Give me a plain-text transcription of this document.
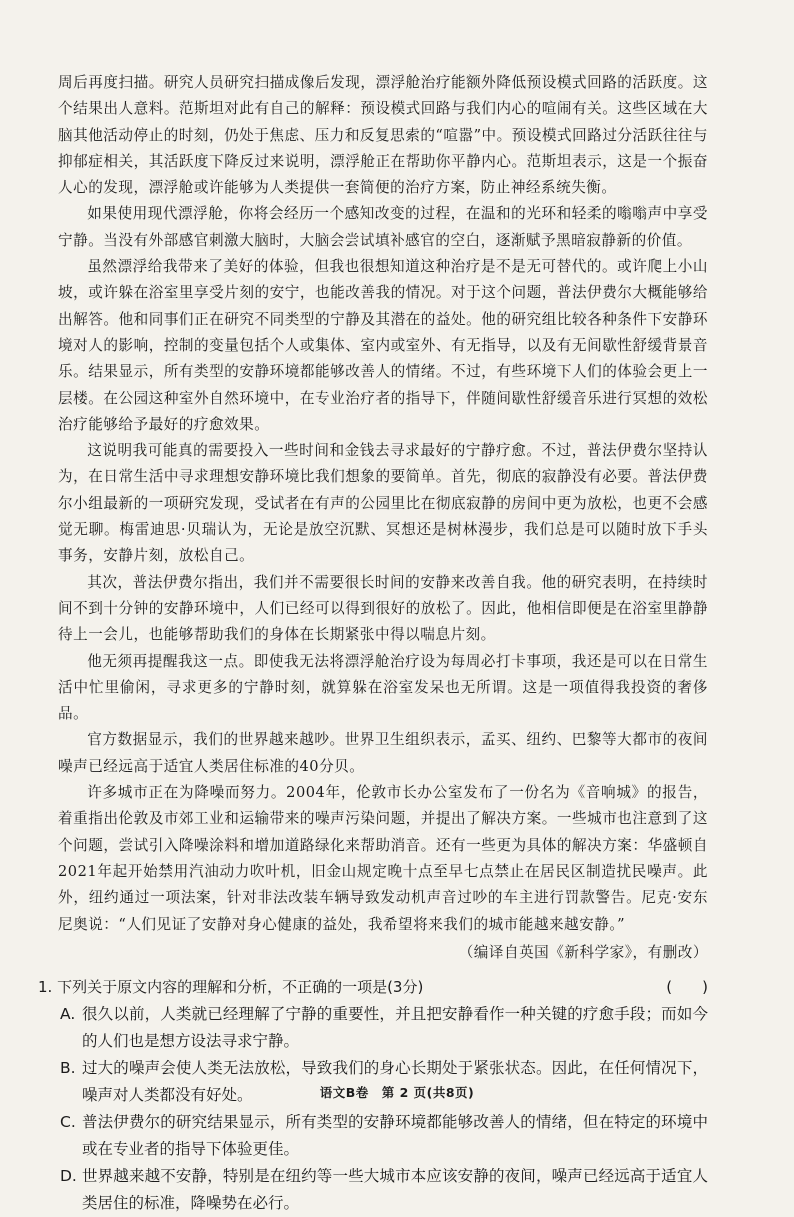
周后再度扫描。研究人员研究扫描成像后发现，漂浮舱治疗能额外降低预设模式回路的活跃度。这个结果出人意料。范斯坦对此有自己的解释：预设模式回路与我们内心的喧闹有关。这些区域在大脑其他活动停止的时刻，仍处于焦虑、压力和反复思索的“喧嚣”中。预设模式回路过分活跃往往与抑郁症相关，其活跃度下降反过来说明，漂浮舱正在帮助你平静内心。范斯坦表示，这是一个振奋人心的发现，漂浮舱或许能够为人类提供一套简便的治疗方案，防止神经系统失衡。

如果使用现代漂浮舱，你将会经历一个感知改变的过程，在温和的光环和轻柔的嗡嗡声中享受宁静。当没有外部感官刺激大脑时，大脑会尝试填补感官的空白，逐渐赋予黑暗寂静新的价值。

虽然漂浮给我带来了美好的体验，但我也很想知道这种治疗是不是无可替代的。或许爬上小山坡，或许躲在浴室里享受片刻的安宁，也能改善我的情况。对于这个问题，普法伊费尔大概能够给出解答。他和同事们正在研究不同类型的宁静及其潜在的益处。他的研究组比较各种条件下安静环境对人的影响，控制的变量包括个人或集体、室内或室外、有无指导，以及有无间歇性舒缓背景音乐。结果显示，所有类型的安静环境都能够改善人的情绪。不过，有些环境下人们的体验会更上一层楼。在公园这种室外自然环境中，在专业治疗者的指导下，伴随间歇性舒缓音乐进行冥想的效松治疗能够给予最好的疗愈效果。

这说明我可能真的需要投入一些时间和金钱去寻求最好的宁静疗愈。不过，普法伊费尔坚持认为，在日常生活中寻求理想安静环境比我们想象的要简单。首先，彻底的寂静没有必要。普法伊费尔小组最新的一项研究发现，受试者在有声的公园里比在彻底寂静的房间中更为放松，也更不会感觉无聊。梅雷迪思·贝瑞认为，无论是放空沉默、冥想还是树林漫步，我们总是可以随时放下手头事务，安静片刻，放松自己。

其次，普法伊费尔指出，我们并不需要很长时间的安静来改善自我。他的研究表明，在持续时间不到十分钟的安静环境中，人们已经可以得到很好的放松了。因此，他相信即便是在浴室里静静待上一会儿，也能够帮助我们的身体在长期紧张中得以喘息片刻。

他无须再提醒我这一点。即使我无法将漂浮舱治疗设为每周必打卡事项，我还是可以在日常生活中忙里偷闲，寻求更多的宁静时刻，就算躲在浴室发呆也无所谓。这是一项值得我投资的奢侈品。

官方数据显示，我们的世界越来越吵。世界卫生组织表示，孟买、纽约、巴黎等大都市的夜间噪声已经远高于适宜人类居住标准的40分贝。

许多城市正在为降噪而努力。2004年，伦敦市长办公室发布了一份名为《音响城》的报告，着重指出伦敦及市郊工业和运输带来的噪声污染问题，并提出了解决方案。一些城市也注意到了这个问题，尝试引入降噪涂料和增加道路绿化来帮助消音。还有一些更为具体的解决方案：华盛顿自2021年起开始禁用汽油动力吹叶机，旧金山规定晚十点至早七点禁止在居民区制造扰民噪声。此外，纽约通过一项法案，针对非法改装车辆导致发动机声音过吵的车主进行罚款警告。尼克·安东尼奥说：“人们见证了安静对身心健康的益处，我希望将来我们的城市能越来越安静。”

（编译自英国《新科学家》，有删改）
1. 下列关于原文内容的理解和分析，不正确的一项是(3分)	(　　)
A. 很久以前，人类就已经理解了宁静的重要性，并且把安静看作一种关键的疗愈手段；而如今的人们也是想方设法寻求宁静。
B. 过大的噪声会使人类无法放松，导致我们的身心长期处于紧张状态。因此，在任何情况下，噪声对人类都没有好处。
C. 普法伊费尔的研究结果显示，所有类型的安静环境都能够改善人的情绪，但在特定的环境中或在专业者的指导下体验更佳。
D. 世界越来越不安静，特别是在纽约等一些大城市本应该安静的夜间，噪声已经远高于适宜人类居住的标准，降噪势在必行。
语文B卷　第 2 页(共8页)
